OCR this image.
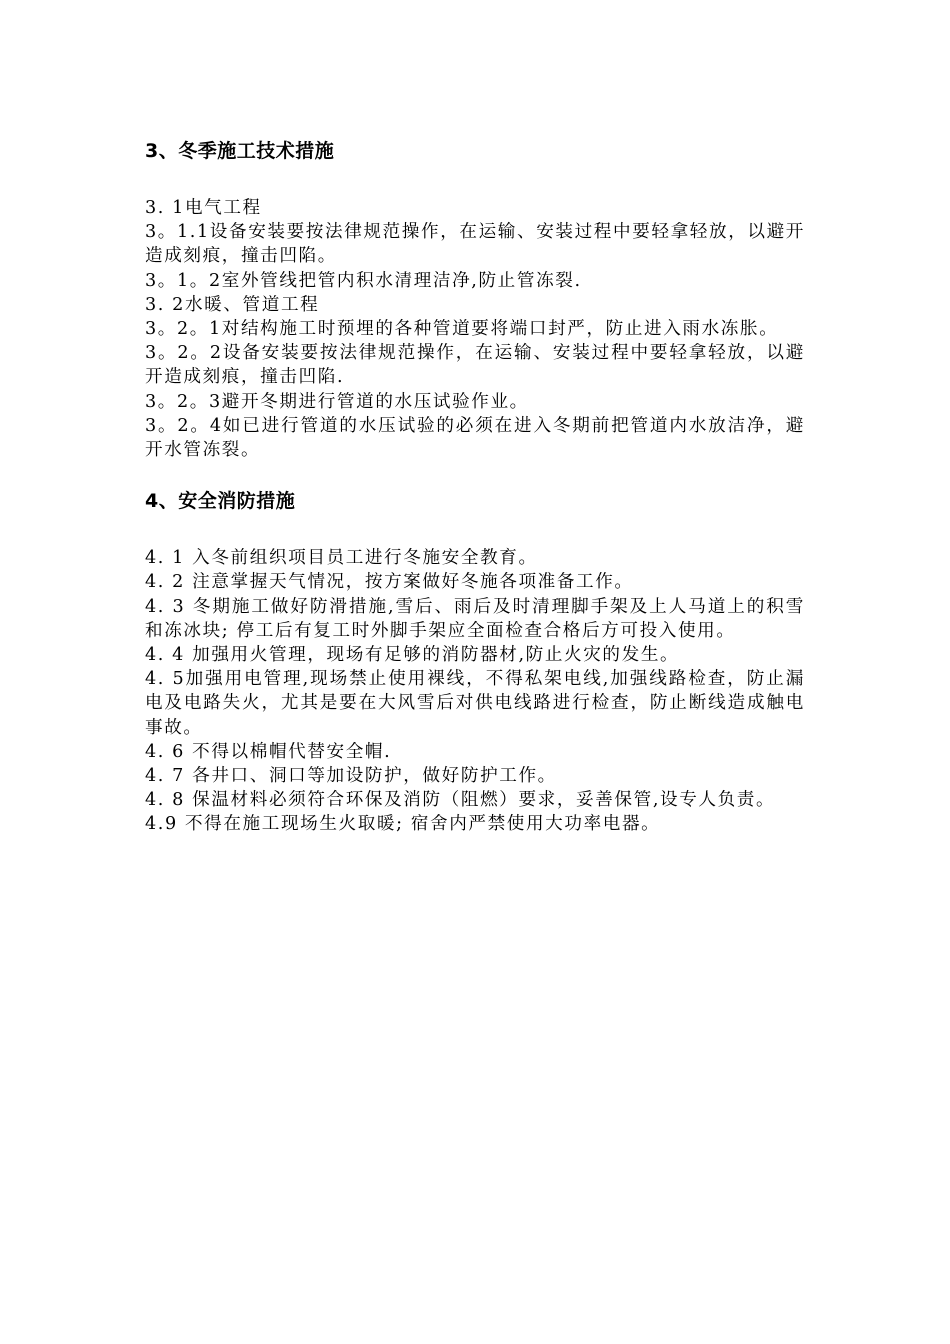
3、冬季施工技术措施
3. 1电气工程
3。1.1设备安装要按法律规范操作，在运输、安装过程中要轻拿轻放，以避开造成刻痕，撞击凹陷。
3。1。2室外管线把管内积水清理洁净,防止管冻裂.
3. 2水暖、管道工程
3。2。1对结构施工时预埋的各种管道要将端口封严，防止进入雨水冻胀。
3。2。2设备安装要按法律规范操作，在运输、安装过程中要轻拿轻放，以避开造成刻痕，撞击凹陷.
3。2。3避开冬期进行管道的水压试验作业。
3。2。4如已进行管道的水压试验的必须在进入冬期前把管道内水放洁净，避开水管冻裂。
4、安全消防措施
4. 1 入冬前组织项目员工进行冬施安全教育。
4. 2 注意掌握天气情况，按方案做好冬施各项准备工作。
4. 3 冬期施工做好防滑措施,雪后、雨后及时清理脚手架及上人马道上的积雪和冻冰块; 停工后有复工时外脚手架应全面检查合格后方可投入使用。
4. 4 加强用火管理，现场有足够的消防器材,防止火灾的发生。
4. 5加强用电管理,现场禁止使用裸线，不得私架电线,加强线路检查，防止漏电及电路失火，尤其是要在大风雪后对供电线路进行检查，防止断线造成触电事故。
4. 6 不得以棉帽代替安全帽.
4. 7 各井口、洞口等加设防护，做好防护工作。
4. 8 保温材料必须符合环保及消防（阻燃）要求，妥善保管,设专人负责。
4.9 不得在施工现场生火取暖; 宿舍内严禁使用大功率电器。
